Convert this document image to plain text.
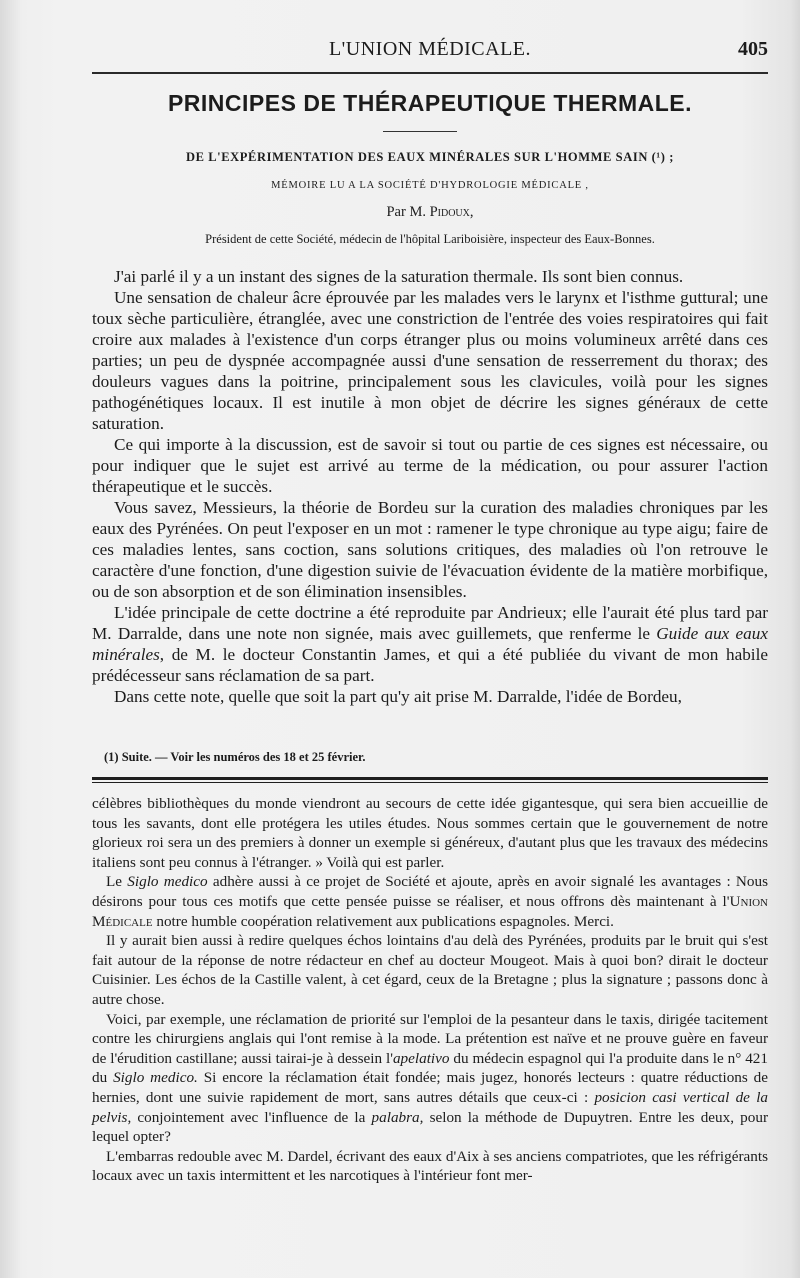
L'UNION MÉDICALE.	405
PRINCIPES DE THÉRAPEUTIQUE THERMALE.
DE L'EXPÉRIMENTATION DES EAUX MINÉRALES SUR L'HOMME SAIN (¹) ;
MÉMOIRE LU A LA SOCIÉTÉ D'HYDROLOGIE MÉDICALE ,
Par M. Pidoux,
Président de cette Société, médecin de l'hôpital Lariboisière, inspecteur des Eaux-Bonnes.

J'ai parlé il y a un instant des signes de la saturation thermale. Ils sont bien connus.

Une sensation de chaleur âcre éprouvée par les malades vers le larynx et l'isthme guttural; une toux sèche particulière, étranglée, avec une constriction de l'entrée des voies respiratoires qui fait croire aux malades à l'existence d'un corps étranger plus ou moins volumineux arrêté dans ces parties; un peu de dyspnée accompagnée aussi d'une sensation de resserrement du thorax; des douleurs vagues dans la poitrine, principalement sous les clavicules, voilà pour les signes pathogénétiques locaux. Il est inutile à mon objet de décrire les signes généraux de cette saturation.

Ce qui importe à la discussion, est de savoir si tout ou partie de ces signes est nécessaire, ou pour indiquer que le sujet est arrivé au terme de la médication, ou pour assurer l'action thérapeutique et le succès.

Vous savez, Messieurs, la théorie de Bordeu sur la curation des maladies chroniques par les eaux des Pyrénées. On peut l'exposer en un mot : ramener le type chronique au type aigu; faire de ces maladies lentes, sans coction, sans solutions critiques, des maladies où l'on retrouve le caractère d'une fonction, d'une digestion suivie de l'évacuation évidente de la matière morbifique, ou de son absorption et de son élimination insensibles.

L'idée principale de cette doctrine a été reproduite par Andrieux; elle l'aurait été plus tard par M. Darralde, dans une note non signée, mais avec guillemets, que renferme le Guide aux eaux minérales, de M. le docteur Constantin James, et qui a été publiée du vivant de mon habile prédécesseur sans réclamation de sa part.

Dans cette note, quelle que soit la part qu'y ait prise M. Darralde, l'idée de Bordeu,

(1) Suite. — Voir les numéros des 18 et 25 février.

célèbres bibliothèques du monde viendront au secours de cette idée gigantesque, qui sera bien accueillie de tous les savants, dont elle protégera les utiles études. Nous sommes certain que le gouvernement de notre glorieux roi sera un des premiers à donner un exemple si généreux, d'autant plus que les travaux des médecins italiens sont peu connus à l'étranger. » Voilà qui est parler.

Le Siglo medico adhère aussi à ce projet de Société et ajoute, après en avoir signalé les avantages : Nous désirons pour tous ces motifs que cette pensée puisse se réaliser, et nous offrons dès maintenant à l'Union Médicale notre humble coopération relativement aux publications espagnoles. Merci.

Il y aurait bien aussi à redire quelques échos lointains d'au delà des Pyrénées, produits par le bruit qui s'est fait autour de la réponse de notre rédacteur en chef au docteur Mougeot. Mais à quoi bon? dirait le docteur Cuisinier. Les échos de la Castille valent, à cet égard, ceux de la Bretagne ; plus la signature ; passons donc à autre chose.

Voici, par exemple, une réclamation de priorité sur l'emploi de la pesanteur dans le taxis, dirigée tacitement contre les chirurgiens anglais qui l'ont remise à la mode. La prétention est naïve et ne prouve guère en faveur de l'érudition castillane; aussi tairai-je à dessein l'apelativo du médecin espagnol qui l'a produite dans le n° 421 du Siglo medico. Si encore la réclamation était fondée; mais jugez, honorés lecteurs : quatre réductions de hernies, dont une suivie rapidement de mort, sans autres détails que ceux-ci : posicion casi vertical de la pelvis, conjointement avec l'influence de la palabra, selon la méthode de Dupuytren. Entre les deux, pour lequel opter?

L'embarras redouble avec M. Dardel, écrivant des eaux d'Aix à ses anciens compatriotes, que les réfrigérants locaux avec un taxis intermittent et les narcotiques à l'intérieur font mer-
